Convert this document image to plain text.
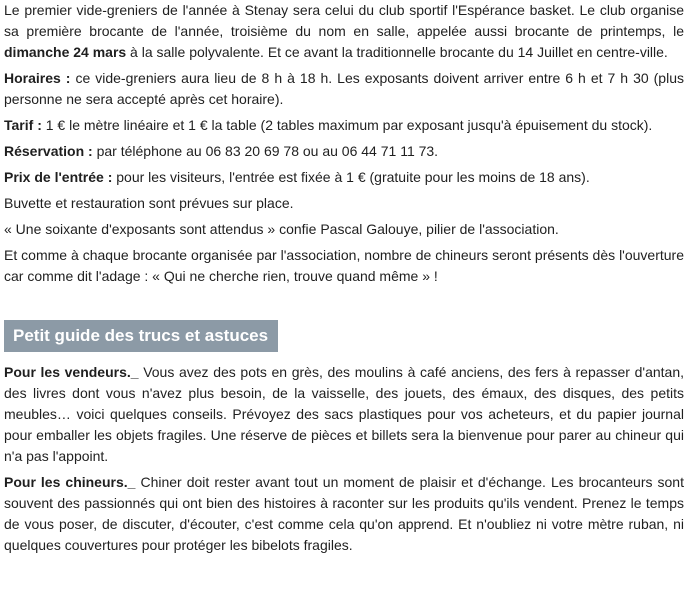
Le premier vide-greniers de l'année à Stenay sera celui du club sportif l'Espérance basket. Le club organise sa première brocante de l'année, troisième du nom en salle, appelée aussi brocante de printemps, le dimanche 24 mars à la salle polyvalente. Et ce avant la traditionnelle brocante du 14 Juillet en centre-ville.

Horaires : ce vide-greniers aura lieu de 8 h à 18 h. Les exposants doivent arriver entre 6 h et 7 h 30 (plus personne ne sera accepté après cet horaire).

Tarif : 1 € le mètre linéaire et 1 € la table (2 tables maximum par exposant jusqu'à épuisement du stock).

Réservation : par téléphone au 06 83 20 69 78 ou au 06 44 71 11 73.

Prix de l'entrée : pour les visiteurs, l'entrée est fixée à 1 € (gratuite pour les moins de 18 ans).

Buvette et restauration sont prévues sur place.

« Une soixante d'exposants sont attendus » confie Pascal Galouye, pilier de l'association.

Et comme à chaque brocante organisée par l'association, nombre de chineurs seront présents dès l'ouverture car comme dit l'adage : « Qui ne cherche rien, trouve quand même » !

Petit guide des trucs et astuces

Pour les vendeurs._ Vous avez des pots en grès, des moulins à café anciens, des fers à repasser d'antan, des livres dont vous n'avez plus besoin, de la vaisselle, des jouets, des émaux, des disques, des petits meubles… voici quelques conseils. Prévoyez des sacs plastiques pour vos acheteurs, et du papier journal pour emballer les objets fragiles. Une réserve de pièces et billets sera la bienvenue pour parer au chineur qui n'a pas l'appoint.

Pour les chineurs._ Chiner doit rester avant tout un moment de plaisir et d'échange. Les brocanteurs sont souvent des passionnés qui ont bien des histoires à raconter sur les produits qu'ils vendent. Prenez le temps de vous poser, de discuter, d'écouter, c'est comme cela qu'on apprend. Et n'oubliez ni votre mètre ruban, ni quelques couvertures pour protéger les bibelots fragiles.
